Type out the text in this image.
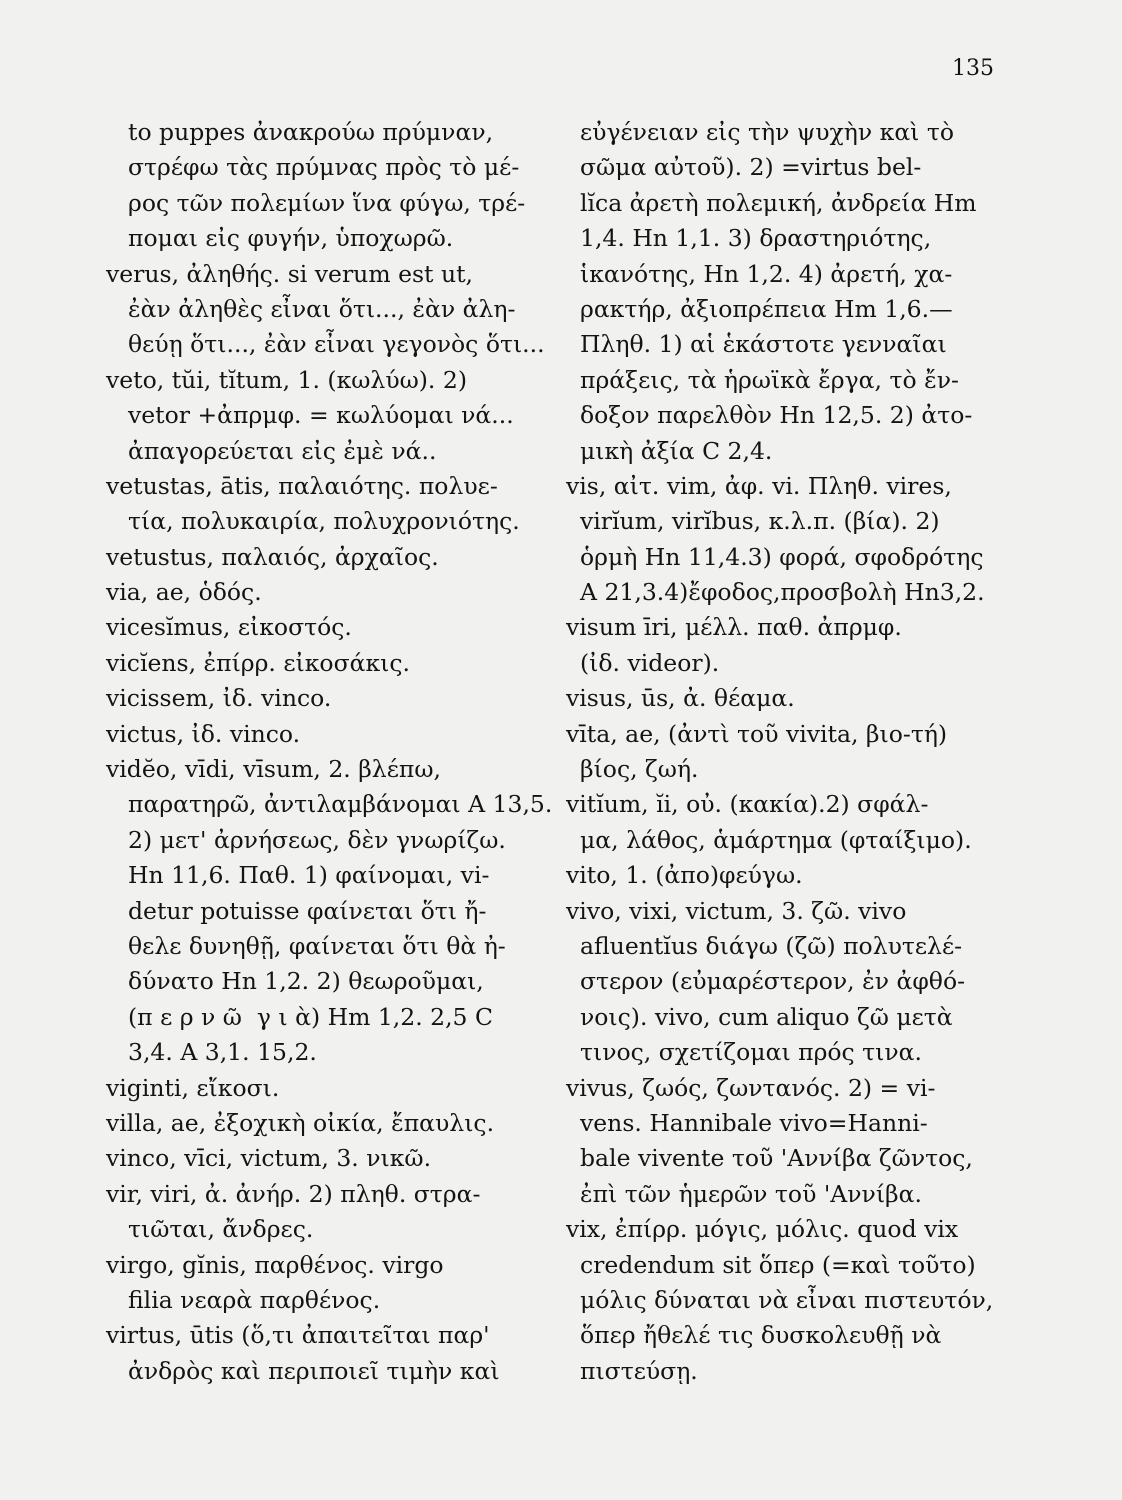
135
to puppes ἀνακρούω πρύμναν,
στρέφω τὰς πρύμνας πρὸς τὸ μέ-
ρος τῶν πολεμίων ἵνα φύγω, τρέ-
πομαι εἰς φυγήν, ὑποχωρῶ.
verus, ἀληθής. si verum est ut,
ἐὰν ἀληθὲς εἶναι ὅτι..., ἐὰν ἀλη-
θεύῃ ὅτι..., ἐὰν εἶναι γεγονὸς ὅτι...
veto, tŭi, tĭtum, 1. (κωλύω). 2)
vetor +ἀπρμφ. = κωλύομαι νά...
ἀπαγορεύεται εἰς ἐμὲ νά..
vetustas, ātis, παλαιότης. πολυε-
τία, πολυκαιρία, πολυχρονιότης.
vetustus, παλαιός, ἀρχαῖος.
via, ae, ὁδός.
vicesĭmus, εἰκοστός.
vicĭens, ἐπίρρ. εἰκοσάκις.
vicissem, ἰδ. vinco.
victus, ἰδ. vinco.
vidĕo, vīdi, vīsum, 2. βλέπω,
παρατηρῶ, ἀντιλαμβάνομαι A 13,5.
2) μετ' ἀρνήσεως, δὲν γνωρίζω.
Hn 11,6. Παθ. 1) φαίνομαι, vi-
detur potuisse φαίνεται ὅτι ἤ-
θελε δυνηθῇ, φαίνεται ὅτι θὰ ἠ-
δύνατο Hn 1,2. 2) θεωροῦμαι,
(π ε ρ ν ῶ  γ ι ὰ) Hm 1,2. 2,5 C
3,4. A 3,1. 15,2.
viginti, εἴκοσι.
villa, ae, ἐξοχικὴ οἰκία, ἔπαυλις.
vinco, vīci, victum, 3. νικῶ.
vir, viri, ἀ. ἀνήρ. 2) πληθ. στρα-
τιῶται, ἄνδρες.
virgo, gĭnis, παρθένος. virgo
filia νεαρὰ παρθένος.
virtus, ūtis (ὅ,τι ἀπαιτεῖται παρ'
ἀνδρὸς καὶ περιποιεῖ τιμὴν καὶ
εὐγένειαν εἰς τὴν ψυχὴν καὶ τὸ
σῶμα αὐτοῦ). 2) =virtus bel-
lĭca ἀρετὴ πολεμική, ἀνδρεία Hm
1,4. Hn 1,1. 3) δραστηριότης,
ἱκανότης, Hn 1,2. 4) ἀρετή, χα-
ρακτήρ, ἀξιοπρέπεια Hm 1,6.—
Πληθ. 1) αἱ ἑκάστοτε γενναῖαι
πράξεις, τὰ ἡρωϊκὰ ἔργα, τὸ ἔν-
δοξον παρελθὸν Hn 12,5. 2) ἀτο-
μικὴ ἀξία C 2,4.
vis, αἰτ. vim, ἀφ. vi. Πληθ. vires,
virĭum, virĭbus, κ.λ.π. (βία). 2)
ὁρμὴ Hn 11,4.3) φορά, σφοδρότης
A 21,3.4)ἔφοδος,προσβολὴ Hn3,2.
visum īri, μέλλ. παθ. ἀπρμφ.
(ἰδ. videor).
visus, ūs, ἀ. θέαμα.
vīta, ae, (ἀντὶ τοῦ vivita, βιο-τή)
βίος, ζωή.
vitĭum, ĭi, οὐ. (κακία).2) σφάλ-
μα, λάθος, ἁμάρτημα (φταίξιμο).
vito, 1. (ἀπο)φεύγω.
vivo, vixi, victum, 3. ζῶ. vivo
afluentĭus διάγω (ζῶ) πολυτελέ-
στερον (εὐμαρέστερον, ἐν ἀφθό-
νοις). vivo, cum aliquo ζῶ μετὰ
τινος, σχετίζομαι πρός τινα.
vivus, ζωός, ζωντανός. 2) = vi-
vens. Hannibale vivo=Hanni-
bale vivente τοῦ 'Αννίβα ζῶντος,
ἐπὶ τῶν ἡμερῶν τοῦ 'Αννίβα.
vix, ἐπίρρ. μόγις, μόλις. quod vix
credendum sit ὅπερ (=καὶ τοῦτο)
μόλις δύναται νὰ εἶναι πιστευτόν,
ὅπερ ἤθελέ τις δυσκολευθῇ νὰ
πιστεύσῃ.
